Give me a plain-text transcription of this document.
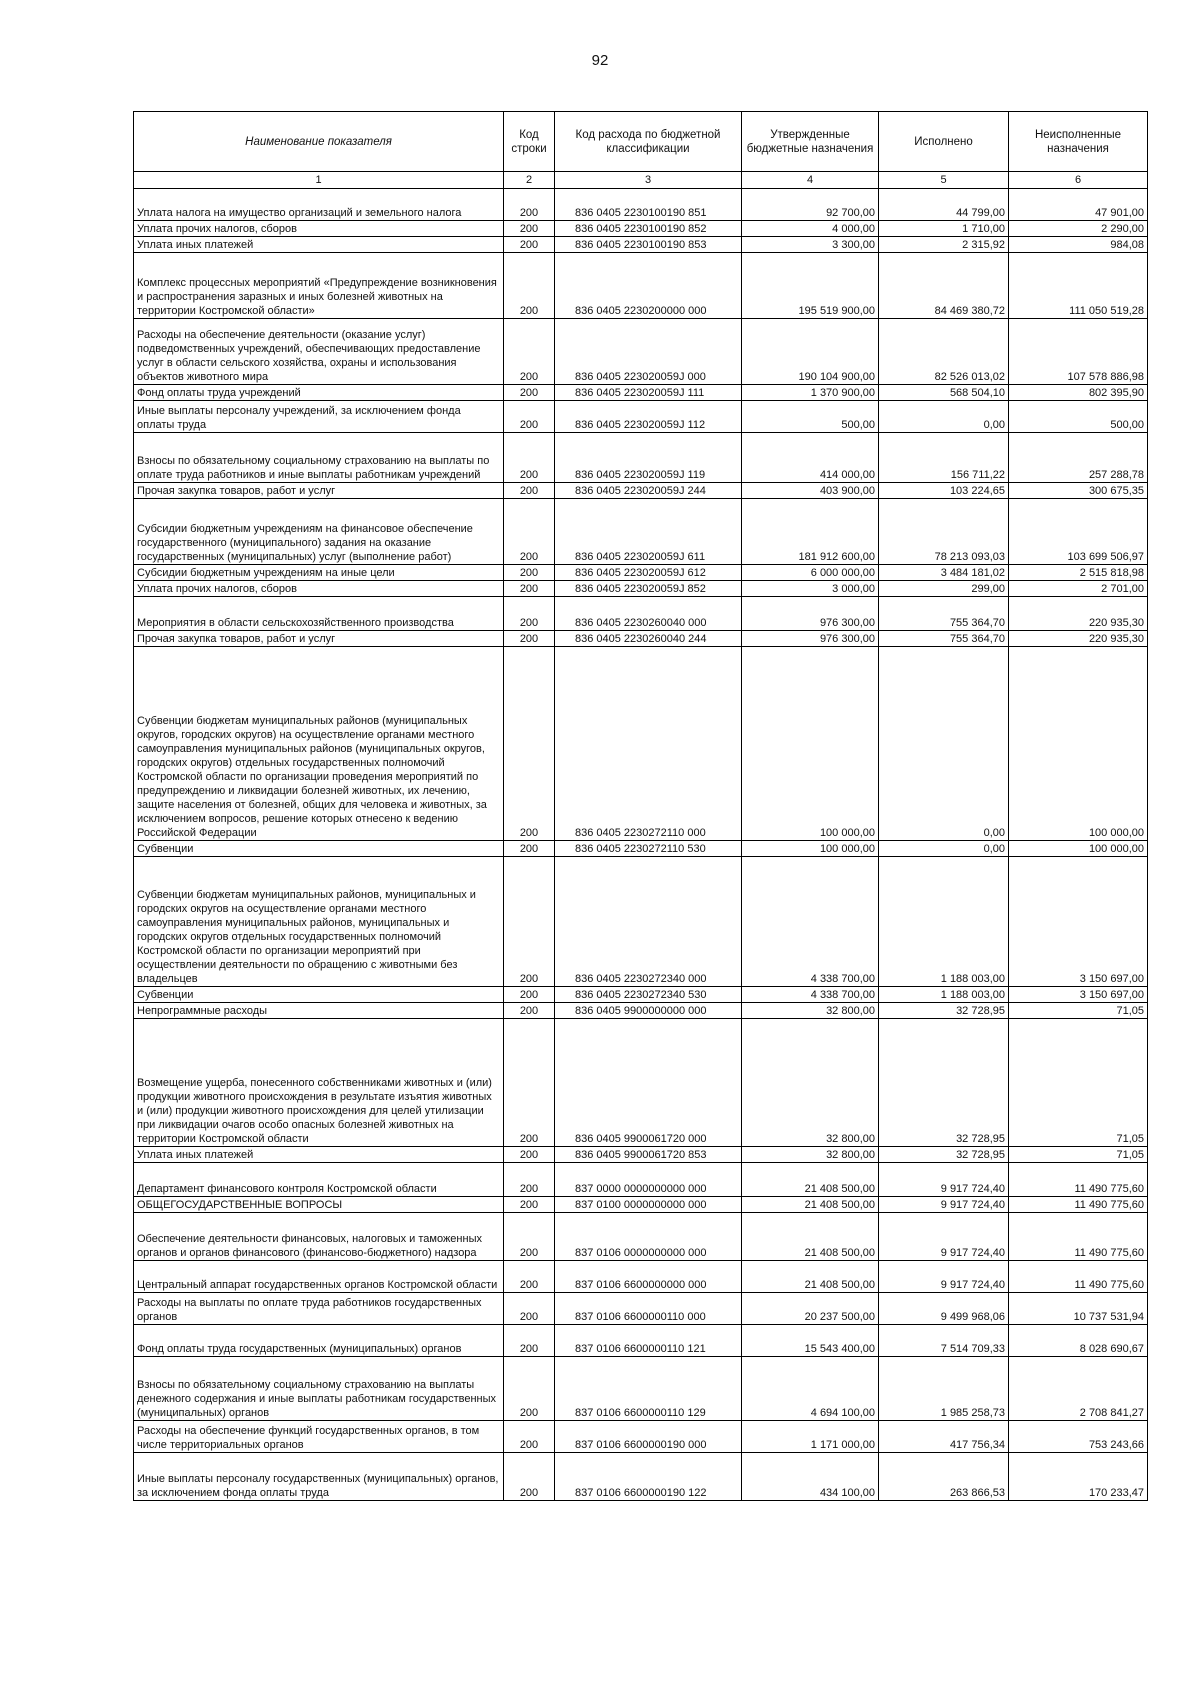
92
Наименование показателя	Код строки	Код расхода по бюджетной классификации	Утвержденные бюджетные назначения	Исполнено	Неисполненные назначения
1	2	3	4	5	6
Уплата налога на имущество организаций и земельного налога	200	836 0405 2230100190 851	92 700,00	44 799,00	47 901,00
Уплата прочих налогов, сборов	200	836 0405 2230100190 852	4 000,00	1 710,00	2 290,00
Уплата иных платежей	200	836 0405 2230100190 853	3 300,00	2 315,92	984,08
Комплекс процессных мероприятий «Предупреждение возникновения и распространения заразных и иных болезней животных на территории Костромской области»	200	836 0405 2230200000 000	195 519 900,00	84 469 380,72	111 050 519,28
Расходы на обеспечение деятельности (оказание услуг) подведомственных учреждений, обеспечивающих предоставление услуг в области сельского хозяйства, охраны и использования объектов животного мира	200	836 0405 223020059J 000	190 104 900,00	82 526 013,02	107 578 886,98
Фонд оплаты труда учреждений	200	836 0405 223020059J 111	1 370 900,00	568 504,10	802 395,90
Иные выплаты персоналу учреждений, за исключением фонда оплаты труда	200	836 0405 223020059J 112	500,00	0,00	500,00
Взносы по обязательному социальному страхованию на выплаты по оплате труда работников и иные выплаты работникам учреждений	200	836 0405 223020059J 119	414 000,00	156 711,22	257 288,78
Прочая закупка товаров, работ и услуг	200	836 0405 223020059J 244	403 900,00	103 224,65	300 675,35
Субсидии бюджетным учреждениям на финансовое обеспечение государственного (муниципального) задания на оказание государственных (муниципальных) услуг (выполнение работ)	200	836 0405 223020059J 611	181 912 600,00	78 213 093,03	103 699 506,97
Субсидии бюджетным учреждениям на иные цели	200	836 0405 223020059J 612	6 000 000,00	3 484 181,02	2 515 818,98
Уплата прочих налогов, сборов	200	836 0405 223020059J 852	3 000,00	299,00	2 701,00
Мероприятия в области сельскохозяйственного производства	200	836 0405 2230260040 000	976 300,00	755 364,70	220 935,30
Прочая закупка товаров, работ и услуг	200	836 0405 2230260040 244	976 300,00	755 364,70	220 935,30
Субвенции бюджетам муниципальных районов (муниципальных округов, городских округов) на осуществление органами местного самоуправления муниципальных районов (муниципальных округов, городских округов) отдельных государственных полномочий Костромской области по организации проведения мероприятий по предупреждению и ликвидации болезней животных, их лечению, защите населения от болезней, общих для человека и животных, за исключением вопросов, решение которых отнесено к ведению Российской Федерации	200	836 0405 2230272110 000	100 000,00	0,00	100 000,00
Субвенции	200	836 0405 2230272110 530	100 000,00	0,00	100 000,00
Субвенции бюджетам муниципальных районов, муниципальных и городских округов на осуществление органами местного самоуправления муниципальных районов, муниципальных и городских округов отдельных государственных полномочий Костромской области по организации мероприятий при осуществлении деятельности по обращению с животными без владельцев	200	836 0405 2230272340 000	4 338 700,00	1 188 003,00	3 150 697,00
Субвенции	200	836 0405 2230272340 530	4 338 700,00	1 188 003,00	3 150 697,00
Непрограммные расходы	200	836 0405 9900000000 000	32 800,00	32 728,95	71,05
Возмещение ущерба, понесенного собственниками животных и (или) продукции животного происхождения в результате изъятия животных и (или) продукции животного происхождения для целей утилизации при ликвидации очагов особо опасных болезней животных на территории Костромской области	200	836 0405 9900061720 000	32 800,00	32 728,95	71,05
Уплата иных платежей	200	836 0405 9900061720 853	32 800,00	32 728,95	71,05
Департамент финансового контроля Костромской области	200	837 0000 0000000000 000	21 408 500,00	9 917 724,40	11 490 775,60
ОБЩЕГОСУДАРСТВЕННЫЕ ВОПРОСЫ	200	837 0100 0000000000 000	21 408 500,00	9 917 724,40	11 490 775,60
Обеспечение деятельности финансовых, налоговых и таможенных органов и органов финансового (финансово-бюджетного) надзора	200	837 0106 0000000000 000	21 408 500,00	9 917 724,40	11 490 775,60
Центральный аппарат государственных органов Костромской области	200	837 0106 6600000000 000	21 408 500,00	9 917 724,40	11 490 775,60
Расходы на выплаты по оплате труда работников государственных органов	200	837 0106 6600000110 000	20 237 500,00	9 499 968,06	10 737 531,94
Фонд оплаты труда государственных (муниципальных) органов	200	837 0106 6600000110 121	15 543 400,00	7 514 709,33	8 028 690,67
Взносы по обязательному социальному страхованию на выплаты денежного содержания и иные выплаты работникам государственных (муниципальных) органов	200	837 0106 6600000110 129	4 694 100,00	1 985 258,73	2 708 841,27
Расходы на обеспечение функций государственных органов, в том числе территориальных органов	200	837 0106 6600000190 000	1 171 000,00	417 756,34	753 243,66
Иные выплаты персоналу государственных (муниципальных) органов, за исключением фонда оплаты труда	200	837 0106 6600000190 122	434 100,00	263 866,53	170 233,47
